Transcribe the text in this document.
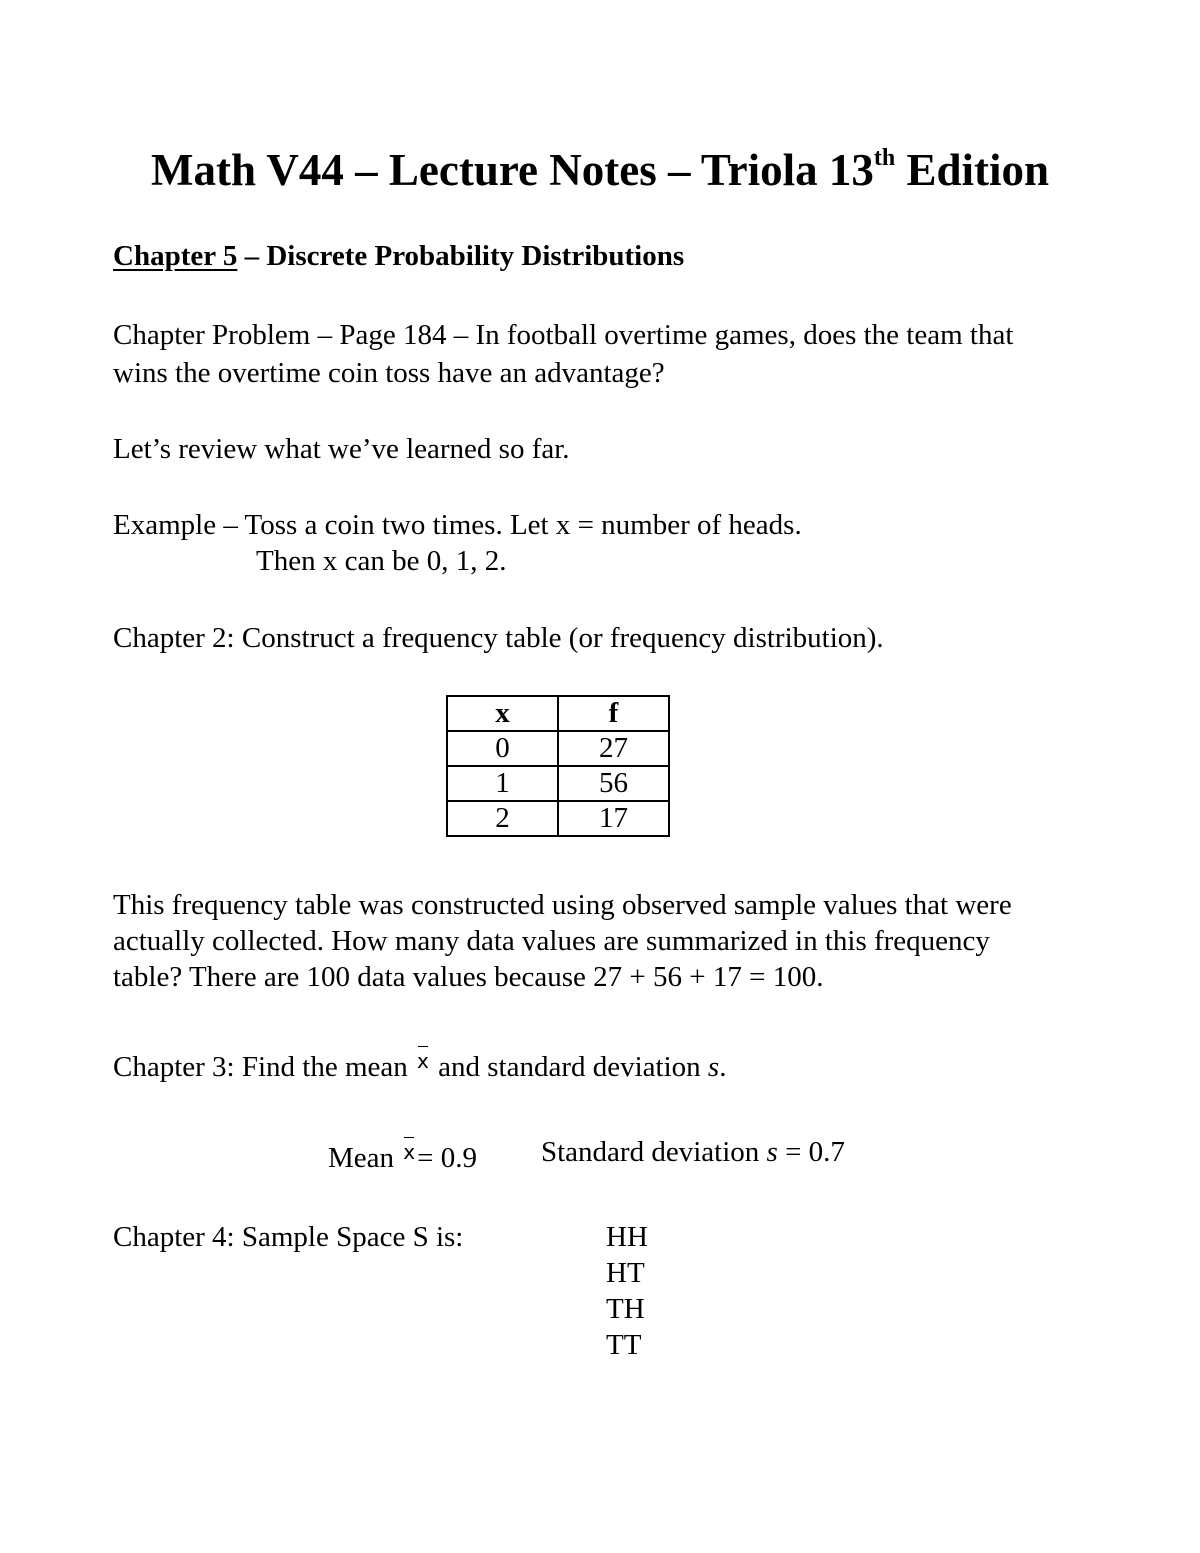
Math V44 – Lecture Notes – Triola 13th Edition
Chapter 5 – Discrete Probability Distributions
Chapter Problem – Page 184 – In football overtime games, does the team that
wins the overtime coin toss have an advantage?
Let’s review what we’ve learned so far.
Example – Toss a coin two times. Let x = number of heads.
Then x can be 0, 1, 2.
Chapter 2: Construct a frequency table (or frequency distribution).
x	f
0	27
1	56
2	17
This frequency table was constructed using observed sample values that were
actually collected. How many data values are summarized in this frequency
table? There are 100 data values because 27 + 56 + 17 = 100.
Chapter 3: Find the mean x and standard deviation s.
Mean x= 0.9 Standard deviation s = 0.7
Chapter 4: Sample Space S is:	HH
HT
TH
TT
